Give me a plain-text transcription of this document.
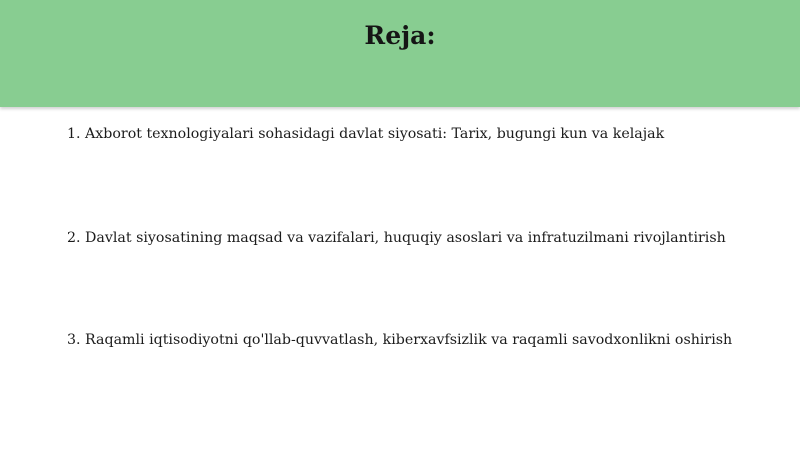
Reja:
1. Axborot texnologiyalari sohasidagi davlat siyosati: Tarix, bugungi kun va kelajak
2. Davlat siyosatining maqsad va vazifalari, huquqiy asoslari va infratuzilmani rivojlantirish
3. Raqamli iqtisodiyotni qo'llab-quvvatlash, kiberxavfsizlik va raqamli savodxonlikni oshirish
